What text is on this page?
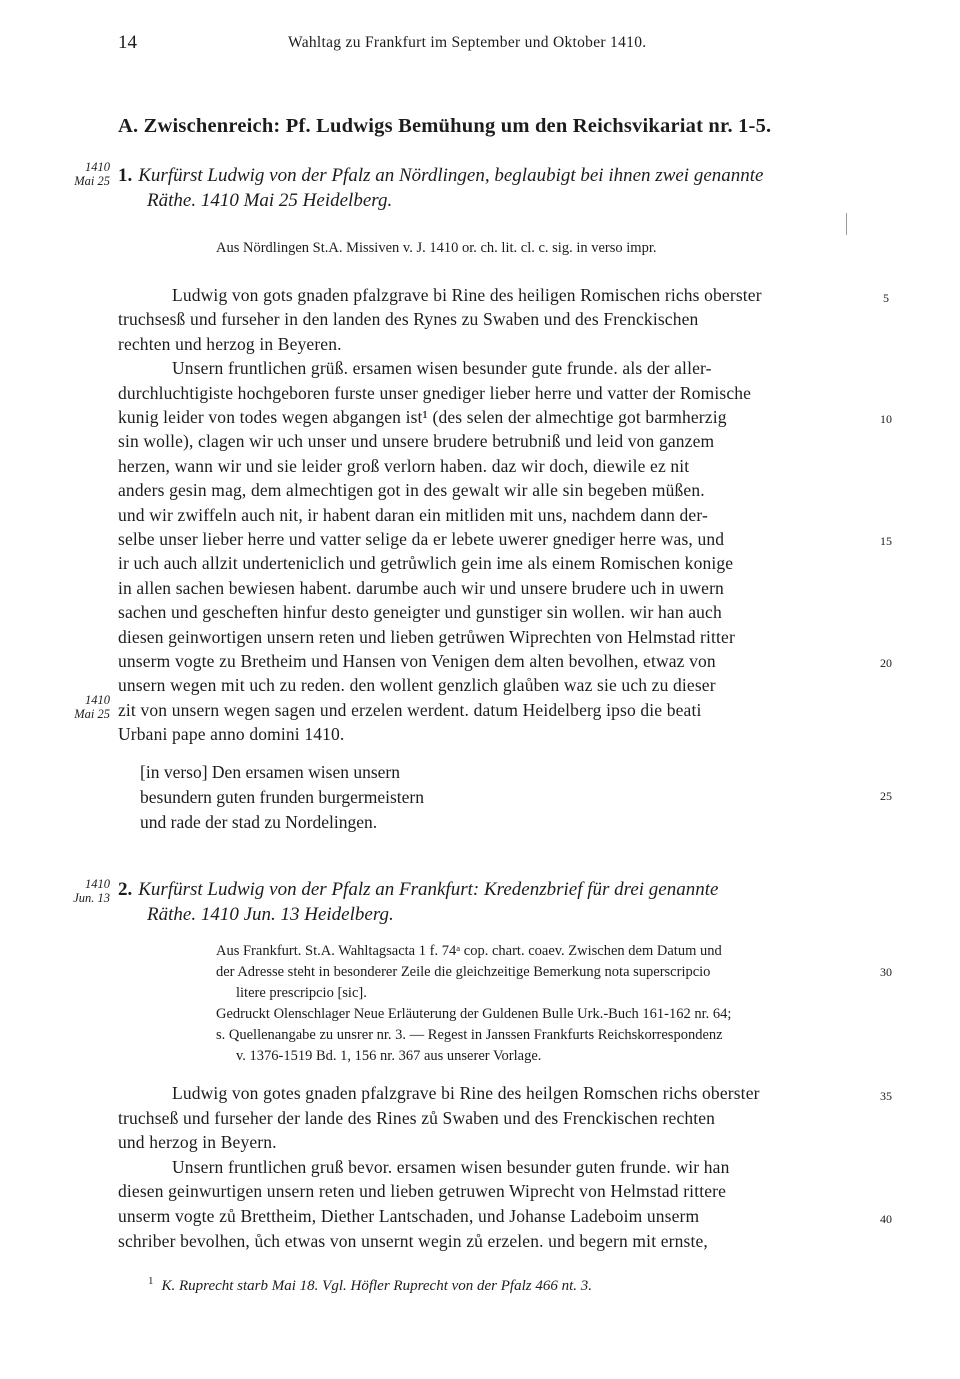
14	Wahltag zu Frankfurt im September und Oktober 1410.
A. Zwischenreich: Pf. Ludwigs Bemühung um den Reichsvikariat nr. 1-5.
1410
Mai 25 1. Kurfürst Ludwig von der Pfalz an Nördlingen, beglaubigt bei ihnen zwei genannte
Räthe. 1410 Mai 25 Heidelberg.
Aus Nördlingen St.A. Missiven v. J. 1410 or. ch. lit. cl. c. sig. in verso impr.
Ludwig von gots gnaden pfalzgrave bi Rine des heiligen Romischen richs oberster
truchsesß und furseher in den landen des Rynes zu Swaben und des Frenckischen
rechten und herzog in Beyeren.
Unsern fruntlichen grüß. ersamen wisen besunder gute frunde. als der aller-
durchluchtigiste hochgeboren furste unser gnediger lieber herre und vatter der Romische
kunig leider von todes wegen abgangen ist¹ (des selen der almechtige got barmherzig
sin wolle), clagen wir uch unser und unsere brudere betrubniß und leid von ganzem
herzen, wann wir und sie leider groß verlorn haben. daz wir doch, diewile ez nit
anders gesin mag, dem almechtigen got in des gewalt wir alle sin begeben müßen.
und wir zwiffeln auch nit, ir habent daran ein mitliden mit uns, nachdem dann der-
selbe unser lieber herre und vatter selige da er lebete uwerer gnediger herre was, und
ir uch auch allzit underteniclich und getrůwlich gein ime als einem Romischen konige
in allen sachen bewiesen habent. darumbe auch wir und unsere brudere uch in uwern
sachen und gescheften hinfur desto geneigter und gunstiger sin wollen. wir han auch
diesen geinwortigen unsern reten und lieben getrůwen Wiprechten von Helmstad ritter
unserm vogte zu Bretheim und Hansen von Venigen dem alten bevolhen, etwaz von
unsern wegen mit uch zu reden. den wollent genzlich glaůben waz sie uch zu dieser
zit von unsern wegen sagen und erzelen werdent. datum Heidelberg ipso die beati
Urbani pape anno domini 1410.
1410
Mai 25
[in verso] Den ersamen wisen unsern
besundern guten frunden burgermeistern
und rade der stad zu Nordelingen.
1410
Jun. 13 2. Kurfürst Ludwig von der Pfalz an Frankfurt: Kredenzbrief für drei genannte
Räthe. 1410 Jun. 13 Heidelberg.
Aus Frankfurt. St.A. Wahltagsacta 1 f. 74ᵃ cop. chart. coaev. Zwischen dem Datum und
der Adresse steht in besonderer Zeile die gleichzeitige Bemerkung nota superscripcio
litere prescripcio [sic].
Gedruckt Olenschlager Neue Erläuterung der Guldenen Bulle Urk.-Buch 161-162 nr. 64;
s. Quellenangabe zu unsrer nr. 3. — Regest in Janssen Frankfurts Reichskorrespondenz
v. 1376-1519 Bd. 1, 156 nr. 367 aus unserer Vorlage.
Ludwig von gotes gnaden pfalzgrave bi Rine des heilgen Romschen richs oberster
truchseß und furseher der lande des Rines zů Swaben und des Frenckischen rechten
und herzog in Beyern.
Unsern fruntlichen gruß bevor. ersamen wisen besunder guten frunde. wir han
diesen geinwurtigen unsern reten und lieben getruwen Wiprecht von Helmstad rittere
unserm vogte zů Brettheim, Diether Lantschaden, und Johanse Ladeboim unserm
schriber bevolhen, ůch etwas von unsernt wegin zů erzelen. und begern mit ernste,
5
10
15
20
25
30
35
40
$^1$ K. Ruprecht starb Mai 18. Vgl. Höfler Ruprecht von der Pfalz 466 nt. 3.
